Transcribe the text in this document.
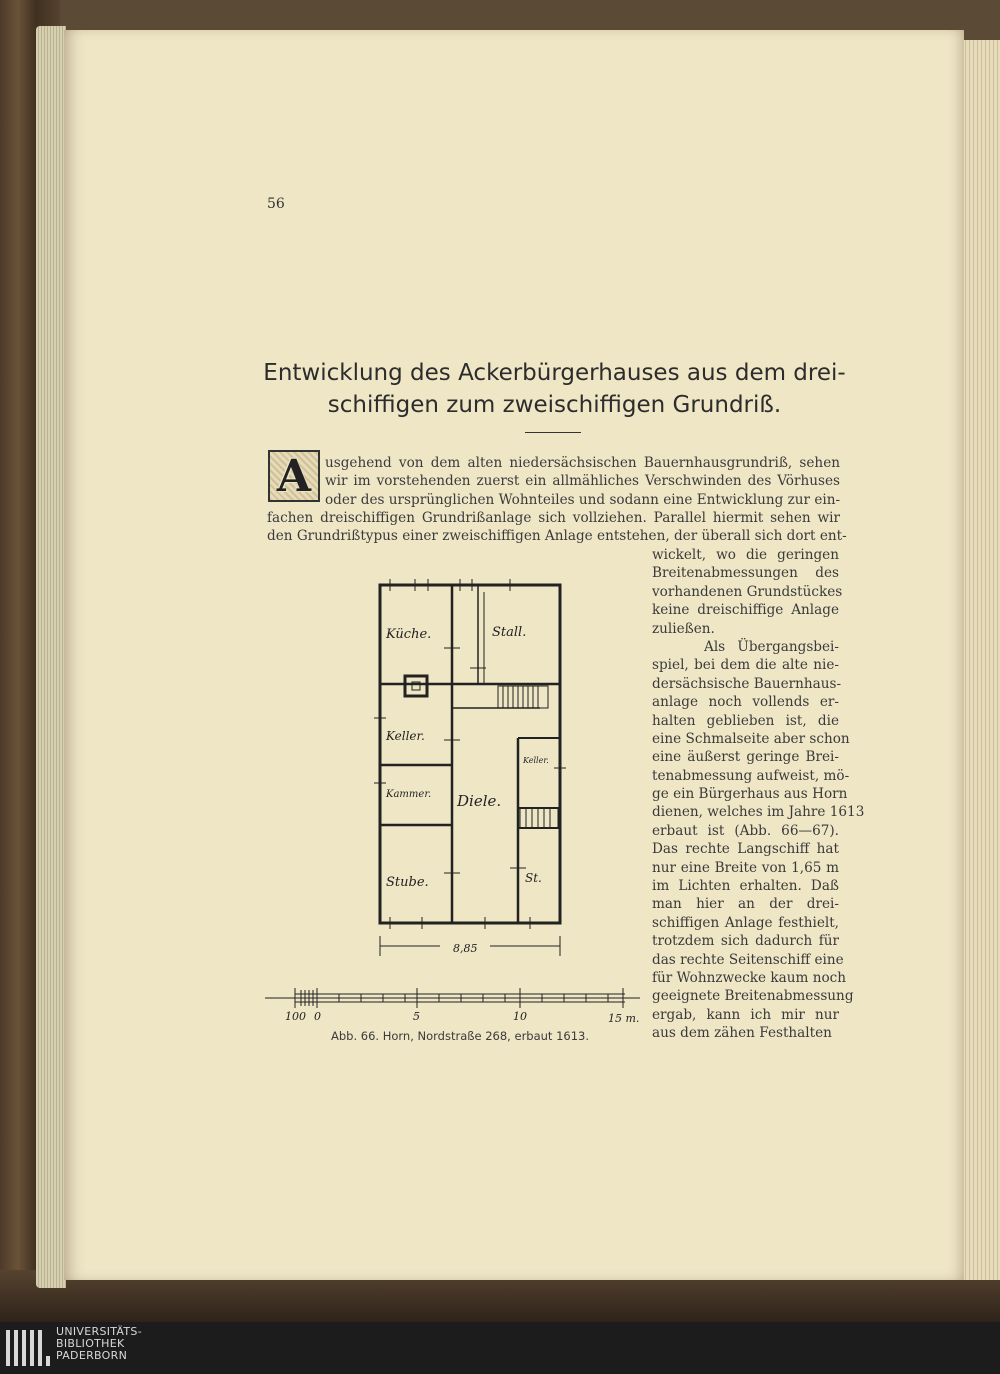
56
Entwicklung des Ackerbürgerhauses aus dem drei-
schiffigen zum zweischiffigen Grundriß.
A usgehend von dem alten niedersächsischen Bauernhausgrundriß, sehen
wir im vorstehenden zuerst ein allmähliches Verschwinden des Vörhuses
oder des ursprünglichen Wohnteiles und sodann eine Entwicklung zur ein-
fachen dreischiffigen Grundrißanlage sich vollziehen. Parallel hiermit sehen wir
den Grundrißtypus einer zweischiffigen Anlage entstehen, der überall sich dort ent-
wickelt, wo die geringen
Breitenabmessungen des
vorhandenen Grundstückes
keine dreischiffige Anlage
zuließen.
Als Übergangsbei-
spiel, bei dem die alte nie-
dersächsische Bauernhaus-
anlage noch vollends er-
halten geblieben ist, die
eine Schmalseite aber schon
eine äußerst geringe Brei-
tenabmessung aufweist, mö-
ge ein Bürgerhaus aus Horn
dienen, welches im Jahre 1613
erbaut ist (Abb. 66—67).
Das rechte Langschiff hat
nur eine Breite von 1,65 m
im Lichten erhalten. Daß
man hier an der drei-
schiffigen Anlage festhielt,
trotzdem sich dadurch für
das rechte Seitenschiff eine
für Wohnzwecke kaum noch
geeignete Breitenabmessung
ergab, kann ich mir nur
aus dem zähen Festhalten
Küche.	Stall.
Keller.
Kammer. Diele.
Keller.
Stube.	St.
8,85
100 0	5	10	15 m.
Abb. 66. Horn, Nordstraße 268, erbaut 1613.
UNIVERSITÄTS-
BIBLIOTHEK
PADERBORN
